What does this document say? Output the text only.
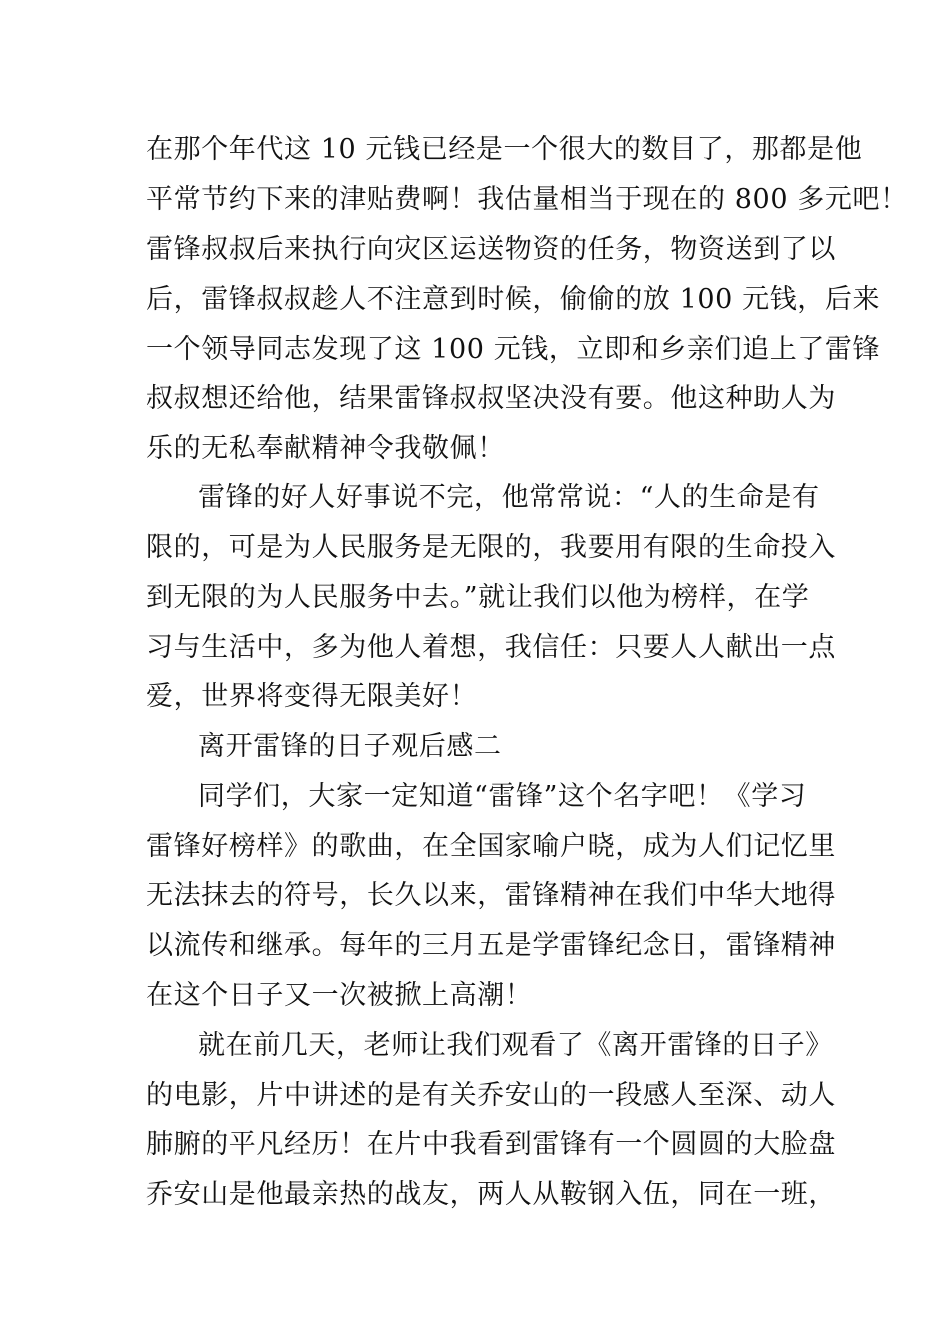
在那个年代这 10 元钱已经是一个很大的数目了，那都是他
平常节约下来的津贴费啊！我估量相当于现在的 800 多元吧！
雷锋叔叔后来执行向灾区运送物资的任务，物资送到了以
后，雷锋叔叔趁人不注意到时候，偷偷的放 100 元钱，后来
一个领导同志发现了这 100 元钱，立即和乡亲们追上了雷锋
叔叔想还给他，结果雷锋叔叔坚决没有要。他这种助人为
乐的无私奉献精神令我敬佩！
雷锋的好人好事说不完，他常常说：“人的生命是有
限的，可是为人民服务是无限的，我要用有限的生命投入
到无限的为人民服务中去。”就让我们以他为榜样，在学
习与生活中，多为他人着想，我信任：只要人人献出一点
爱，世界将变得无限美好！
离开雷锋的日子观后感二
同学们，大家一定知道“雷锋”这个名字吧！《学习
雷锋好榜样》的歌曲，在全国家喻户晓，成为人们记忆里
无法抹去的符号，长久以来，雷锋精神在我们中华大地得
以流传和继承。每年的三月五是学雷锋纪念日，雷锋精神
在这个日子又一次被掀上高潮！
就在前几天，老师让我们观看了《离开雷锋的日子》
的电影，片中讲述的是有关乔安山的一段感人至深、动人
肺腑的平凡经历！在片中我看到雷锋有一个圆圆的大脸盘
乔安山是他最亲热的战友，两人从鞍钢入伍，同在一班，
